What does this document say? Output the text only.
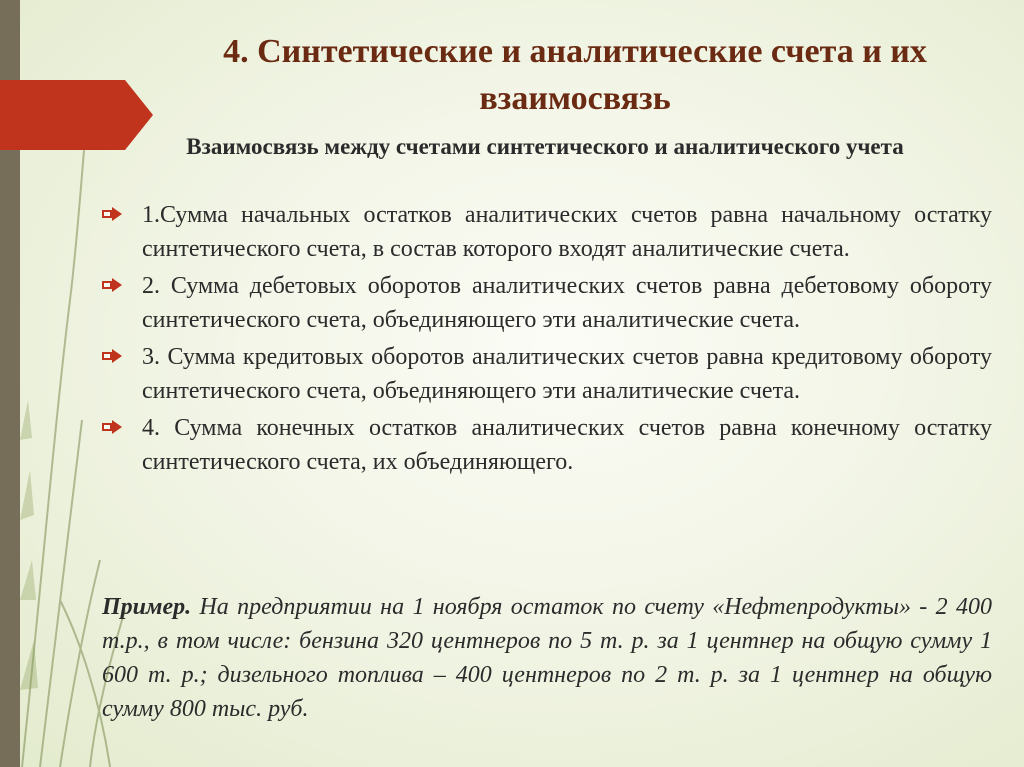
4. Синтетические и аналитические счета и их взаимосвязь
Взаимосвязь между счетами синтетического и аналитического учета
1.Сумма начальных остатков аналитических счетов равна начальному остатку синтетического счета, в состав которого входят аналитические счета.
2. Сумма дебетовых оборотов аналитических счетов равна дебетовому обороту синтетического счета, объединяющего эти аналитические счета.
3. Сумма кредитовых оборотов аналитических счетов равна кредитовому обороту синтетического счета, объединяющего эти аналитические счета.
4. Сумма конечных остатков аналитических счетов равна конечному остатку синтетического счета, их объединяющего.
Пример. На предприятии на 1 ноября остаток по счету «Нефтепродукты» - 2 400 т.р., в том числе: бензина 320 центнеров по 5 т. р. за 1 центнер на общую сумму 1 600 т. р.; дизельного топлива – 400 центнеров по 2 т. р. за 1 центнер на общую сумму 800 тыс. руб.
